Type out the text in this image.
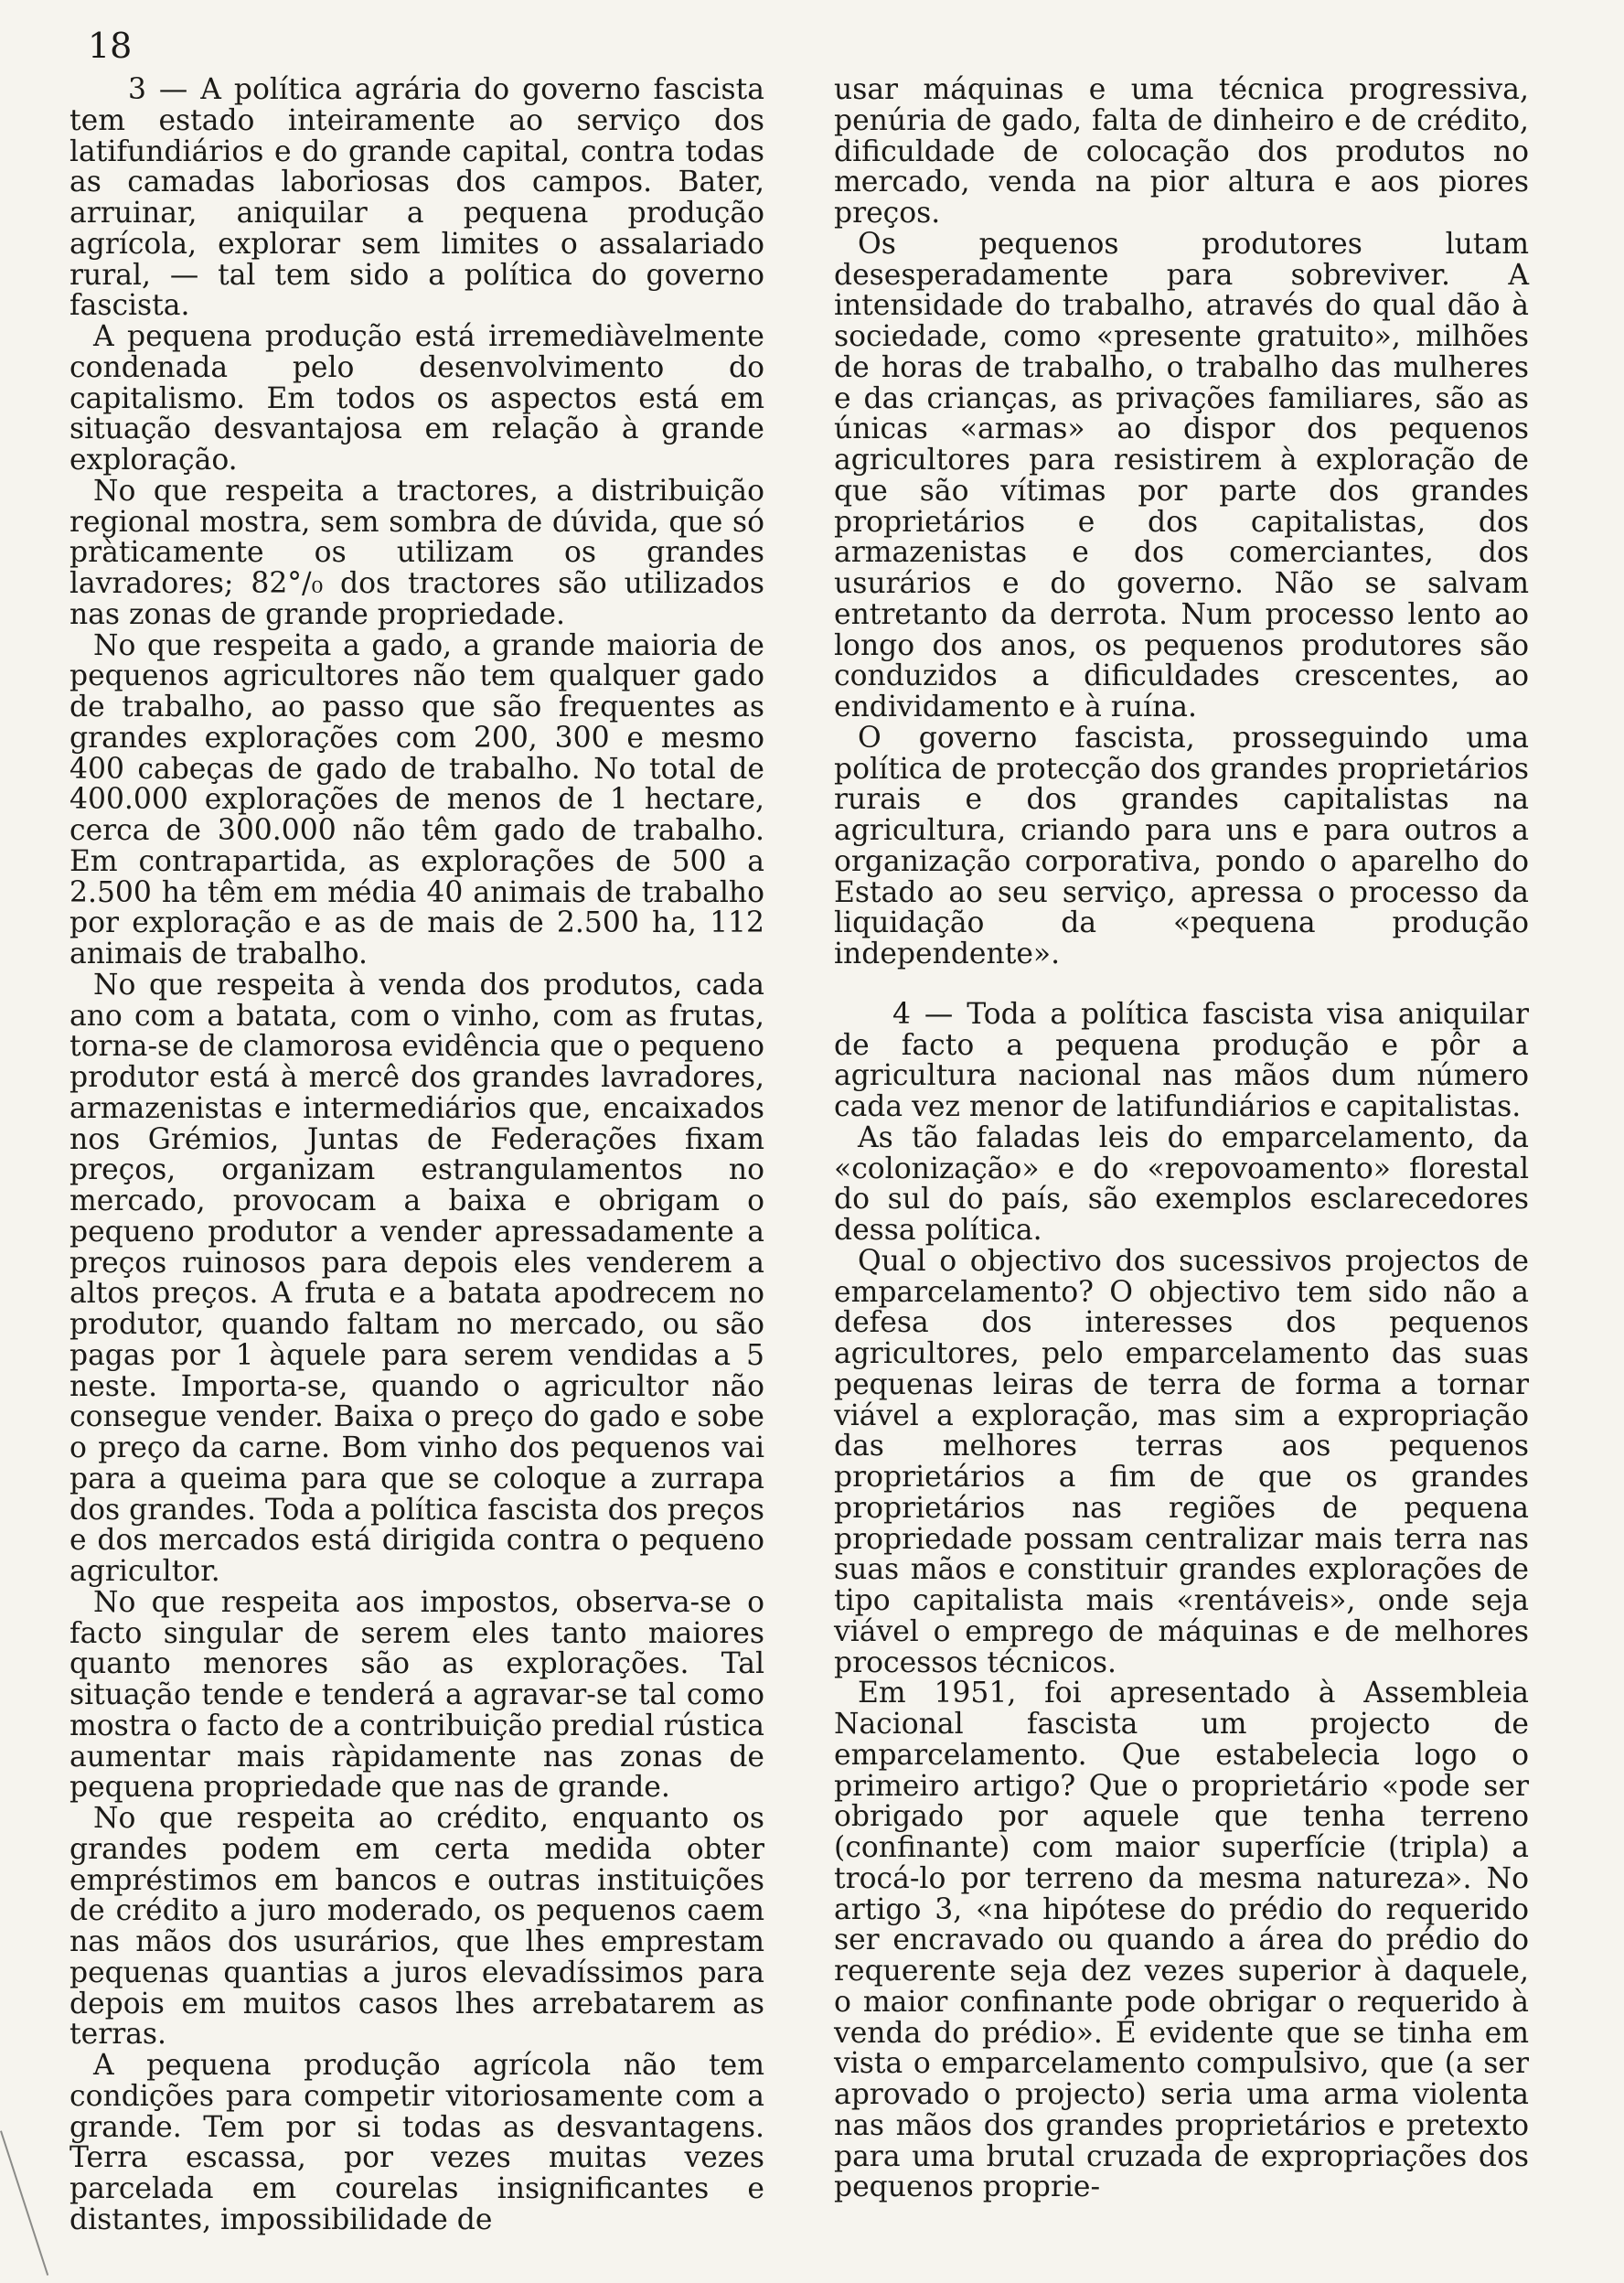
18

3 — A política agrária do governo fascista tem estado inteiramente ao serviço dos latifundiários e do grande capital, contra todas as camadas laboriosas dos campos. Bater, arruinar, aniquilar a pequena produção agrícola, explorar sem limites o assalariado rural, — tal tem sido a política do governo fascista.

A pequena produção está irremediàvelmente condenada pelo desenvolvimento do capitalismo. Em todos os aspectos está em situação desvantajosa em relação à grande exploração.

No que respeita a tractores, a distribuição regional mostra, sem sombra de dúvida, que só pràticamente os utilizam os grandes lavradores; 82°/₀ dos tractores são utilizados nas zonas de grande propriedade.

No que respeita a gado, a grande maioria de pequenos agricultores não tem qualquer gado de trabalho, ao passo que são frequentes as grandes explorações com 200, 300 e mesmo 400 cabeças de gado de trabalho. No total de 400.000 explorações de menos de 1 hectare, cerca de 300.000 não têm gado de trabalho. Em contrapartida, as explorações de 500 a 2.500 ha têm em média 40 animais de trabalho por exploração e as de mais de 2.500 ha, 112 animais de trabalho.

No que respeita à venda dos produtos, cada ano com a batata, com o vinho, com as frutas, torna-se de clamorosa evidência que o pequeno produtor está à mercê dos grandes lavradores, armazenistas e intermediários que, encaixados nos Grémios, Juntas de Federações fixam preços, organizam estrangulamentos no mercado, provocam a baixa e obrigam o pequeno produtor a vender apressadamente a preços ruinosos para depois eles venderem a altos preços. A fruta e a batata apodrecem no produtor, quando faltam no mercado, ou são pagas por 1 àquele para serem vendidas a 5 neste. Importa-se, quando o agricultor não consegue vender. Baixa o preço do gado e sobe o preço da carne. Bom vinho dos pequenos vai para a queima para que se coloque a zurrapa dos grandes. Toda a política fascista dos preços e dos mercados está dirigida contra o pequeno agricultor.

No que respeita aos impostos, observa-se o facto singular de serem eles tanto maiores quanto menores são as explorações. Tal situação tende e tenderá a agravar-se tal como mostra o facto de a contribuição predial rústica aumentar mais ràpidamente nas zonas de pequena propriedade que nas de grande.

No que respeita ao crédito, enquanto os grandes podem em certa medida obter empréstimos em bancos e outras instituições de crédito a juro moderado, os pequenos caem nas mãos dos usurários, que lhes emprestam pequenas quantias a juros elevadíssimos para depois em muitos casos lhes arrebatarem as terras.

A pequena produção agrícola não tem condições para competir vitoriosamente com a grande. Tem por si todas as desvantagens. Terra escassa, por vezes muitas vezes parcelada em courelas insignificantes e distantes, impossibilidade de

usar máquinas e uma técnica progressiva, penúria de gado, falta de dinheiro e de crédito, dificuldade de colocação dos produtos no mercado, venda na pior altura e aos piores preços.

Os pequenos produtores lutam desesperadamente para sobreviver. A intensidade do trabalho, através do qual dão à sociedade, como «presente gratuito», milhões de horas de trabalho, o trabalho das mulheres e das crianças, as privações familiares, são as únicas «armas» ao dispor dos pequenos agricultores para resistirem à exploração de que são vítimas por parte dos grandes proprietários e dos capitalistas, dos armazenistas e dos comerciantes, dos usurários e do governo. Não se salvam entretanto da derrota. Num processo lento ao longo dos anos, os pequenos produtores são conduzidos a dificuldades crescentes, ao endividamento e à ruína.

O governo fascista, prosseguindo uma política de protecção dos grandes proprietários rurais e dos grandes capitalistas na agricultura, criando para uns e para outros a organização corporativa, pondo o aparelho do Estado ao seu serviço, apressa o processo da liquidação da «pequena produção independente».

4 — Toda a política fascista visa aniquilar de facto a pequena produção e pôr a agricultura nacional nas mãos dum número cada vez menor de latifundiários e capitalistas.

As tão faladas leis do emparcelamento, da «colonização» e do «repovoamento» florestal do sul do país, são exemplos esclarecedores dessa política.

Qual o objectivo dos sucessivos projectos de emparcelamento? O objectivo tem sido não a defesa dos interesses dos pequenos agricultores, pelo emparcelamento das suas pequenas leiras de terra de forma a tornar viável a exploração, mas sim a expropriação das melhores terras aos pequenos proprietários a fim de que os grandes proprietários nas regiões de pequena propriedade possam centralizar mais terra nas suas mãos e constituir grandes explorações de tipo capitalista mais «rentáveis», onde seja viável o emprego de máquinas e de melhores processos técnicos.

Em 1951, foi apresentado à Assembleia Nacional fascista um projecto de emparcelamento. Que estabelecia logo o primeiro artigo? Que o proprietário «pode ser obrigado por aquele que tenha terreno (confinante) com maior superfície (tripla) a trocá-lo por terreno da mesma natureza». No artigo 3, «na hipótese do prédio do requerido ser encravado ou quando a área do prédio do requerente seja dez vezes superior à daquele, o maior confinante pode obrigar o requerido à venda do prédio». É evidente que se tinha em vista o emparcelamento compulsivo, que (a ser aprovado o projecto) seria uma arma violenta nas mãos dos grandes proprietários e pretexto para uma brutal cruzada de expropriações dos pequenos proprie-
